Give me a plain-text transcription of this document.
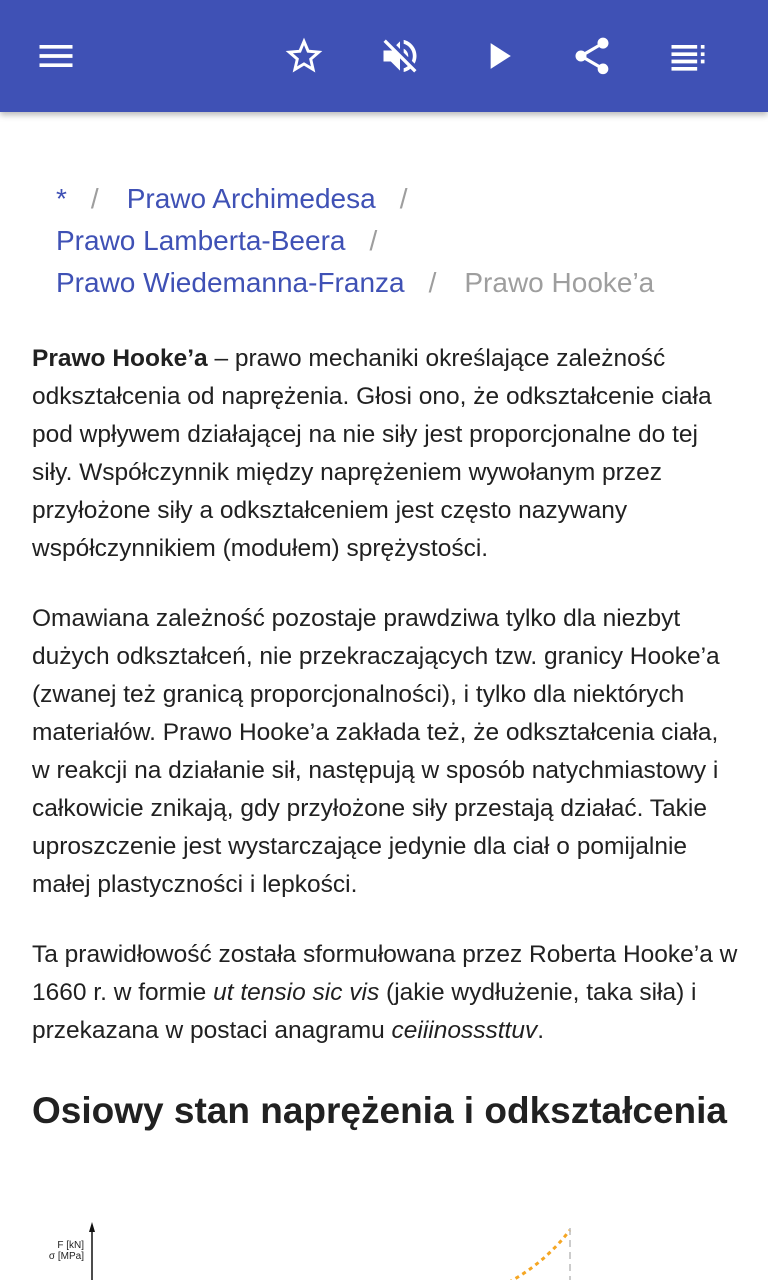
* / Prawo Archimedesa /
Prawo Lamberta-Beera /
Prawo Wiedemanna-Franza / Prawo Hooke’a

Prawo Hooke’a – prawo mechaniki określające zależność odkształcenia od naprężenia. Głosi ono, że odkształcenie ciała pod wpływem działającej na nie siły jest proporcjonalne do tej siły. Współczynnik między naprężeniem wywołanym przez przyłożone siły a odkształceniem jest często nazywany współczynnikiem (modułem) sprężystości.

Omawiana zależność pozostaje prawdziwa tylko dla niezbyt dużych odkształceń, nie przekraczających tzw. granicy Hooke’a (zwanej też granicą proporcjonalności), i tylko dla niektórych materiałów. Prawo Hooke’a zakłada też, że odkształcenia ciała, w reakcji na działanie sił, następują w sposób natychmiastowy i całkowicie znikają, gdy przyłożone siły przestają działać. Takie uproszczenie jest wystarczające jedynie dla ciał o pomijalnie małej plastyczności i lepkości.

Ta prawidłowość została sformułowana przez Roberta Hooke’a w 1660 r. w formie ut tensio sic vis (jakie wydłużenie, taka siła) i przekazana w postaci anagramu ceiiinosssttuv.

Osiowy stan naprężenia i odkształcenia
F [kN]
σ [MPa]
